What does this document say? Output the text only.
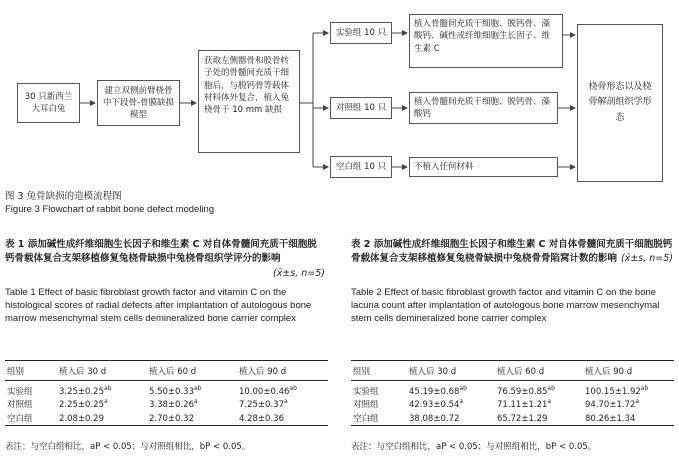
30 只新西兰大耳白兔
建立双侧前臂桡骨中下段骨-骨膜缺损模型
获取左侧髂骨和股骨转子处的骨髓间充质干细胞后，与脱钙骨等载体材料体外复合，植入兔桡骨干 10 mm 缺损
实验组 10 只
对照组 10 只
空白组 10 只
植入骨髓间充质干细胞、脱钙骨、藻酸钙、碱性成纤维细胞生长因子、维生素 C
植入骨髓间充质干细胞、脱钙骨、藻酸钙
不植入任何材料
桡骨形态以及桡骨解剖组织学形态
图 3 兔骨缺损的造模流程图
Figure 3 Flowchart of rabbit bone defect modeling
表 1 添加碱性成纤维细胞生长因子和维生素 C 对自体骨髓间充质干细胞脱钙骨载体复合支架移植修复兔桡骨缺损中兔桡骨组织学评分的影响
(x̄±s, n=5)
Table 1 Effect of basic fibroblast growth factor and vitamin C on the histological scores of radial defects after implantation of autologous bone marrow mesenchymal stem cells demineralized bone carrier complex
组别	植入后 30 d	植入后 60 d	植入后 90 d
实验组	3.25±0.25$^{ab}$	5.50±0.33$^{ab}$	10.00±0.46$^{ab}$
对照组	2.25±0.25$^a$	3.38±0.26$^a$	7.25±0.37$^a$
空白组	2.08±0.29	2.70±0.32	4.28±0.36
表注：与空白组相比，aP < 0.05；与对照组相比，bP < 0.05。
表 2 添加碱性成纤维细胞生长因子和维生素 C 对自体骨髓间充质干细胞脱钙骨载体复合支架移植修复兔桡骨缺损中兔桡骨骨陷窝计数的影响 (x̄±s, n=5)
Table 2 Effect of basic fibroblast growth factor and vitamin C on the bone lacuna count after implantation of autologous bone marrow mesenchymal stem cells demineralized bone carrier complex
组别	植入后 30 d	植入后 60 d	植入后 90 d
实验组	45.19±0.68$^{ab}$	76.59±0.85$^{ab}$	100.15±1.92$^{ab}$
对照组	42.93±0.54$^a$	71.11±1.21$^a$	94.70±1.72$^a$
空白组	38.08±0.72	65.72±1.29	80.26±1.34
表注：与空白组相比，aP < 0.05；与对照组相比，bP < 0.05。
